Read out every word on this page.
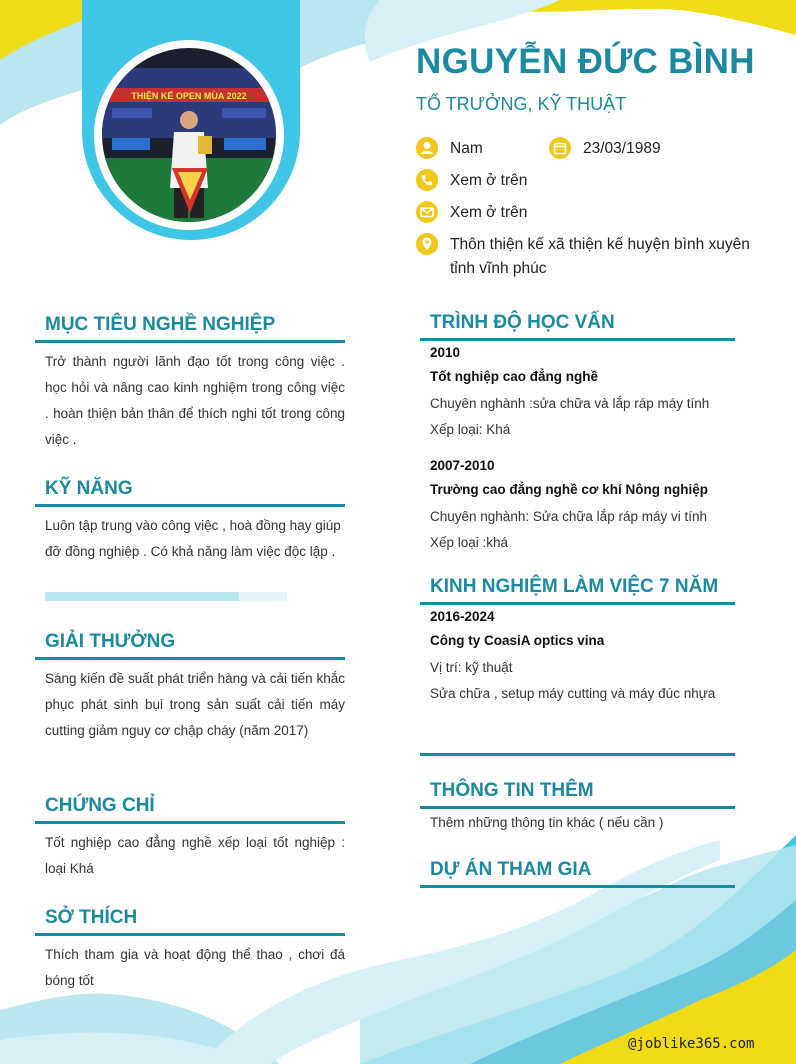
THIỆN KẾ OPEN MÙA 2022
NGUYỄN ĐỨC BÌNH
TỔ TRƯỞNG, KỸ THUẬT
Nam	23/03/1989
Xem ở trên
Xem ở trên
Thôn thiện kế xã thiện kế huyện bình xuyên tỉnh vĩnh phúc
MỤC TIÊU NGHỀ NGHIỆP
Trở thành người lãnh đạo tốt trong công việc . học hỏi và nâng cao kinh nghiệm trong công việc . hoàn thiện bản thân để thích nghi tốt trong công việc .
KỸ NĂNG
Luôn tập trung vào công việc , hoà đồng hay giúp đỡ đồng nghiệp . Có khả năng làm việc độc lập .
GIẢI THƯỞNG
Sáng kiến đề suất phát triển hàng và cải tiến khắc phục phát sinh bụi trong sản suất cải tiến máy cutting giảm nguy cơ chập cháy (năm 2017)
CHỨNG CHỈ
Tốt nghiệp cao đẳng nghề xếp loại tốt nghiệp : loại Khá
SỞ THÍCH
Thích tham gia và hoạt động thể thao , chơi đá bóng tốt
TRÌNH ĐỘ HỌC VẤN
2010
Tốt nghiệp cao đẳng nghề
Chuyên nghành :sửa chữa và lắp ráp máy tính
Xếp loại: Khá
2007-2010
Trường cao đẳng nghề cơ khí Nông nghiệp
Chuyên nghành: Sửa chữa lắp ráp máy vi tính
Xếp loại :khá
KINH NGHIỆM LÀM VIỆC 7 NĂM
2016-2024
Công ty CoasiA optics vina
Vị trí: kỹ thuật
Sửa chữa , setup máy cutting và máy đúc nhựa
THÔNG TIN THÊM
Thêm những thông tin khác ( nếu cần )
DỰ ÁN THAM GIA
@joblike365.com
